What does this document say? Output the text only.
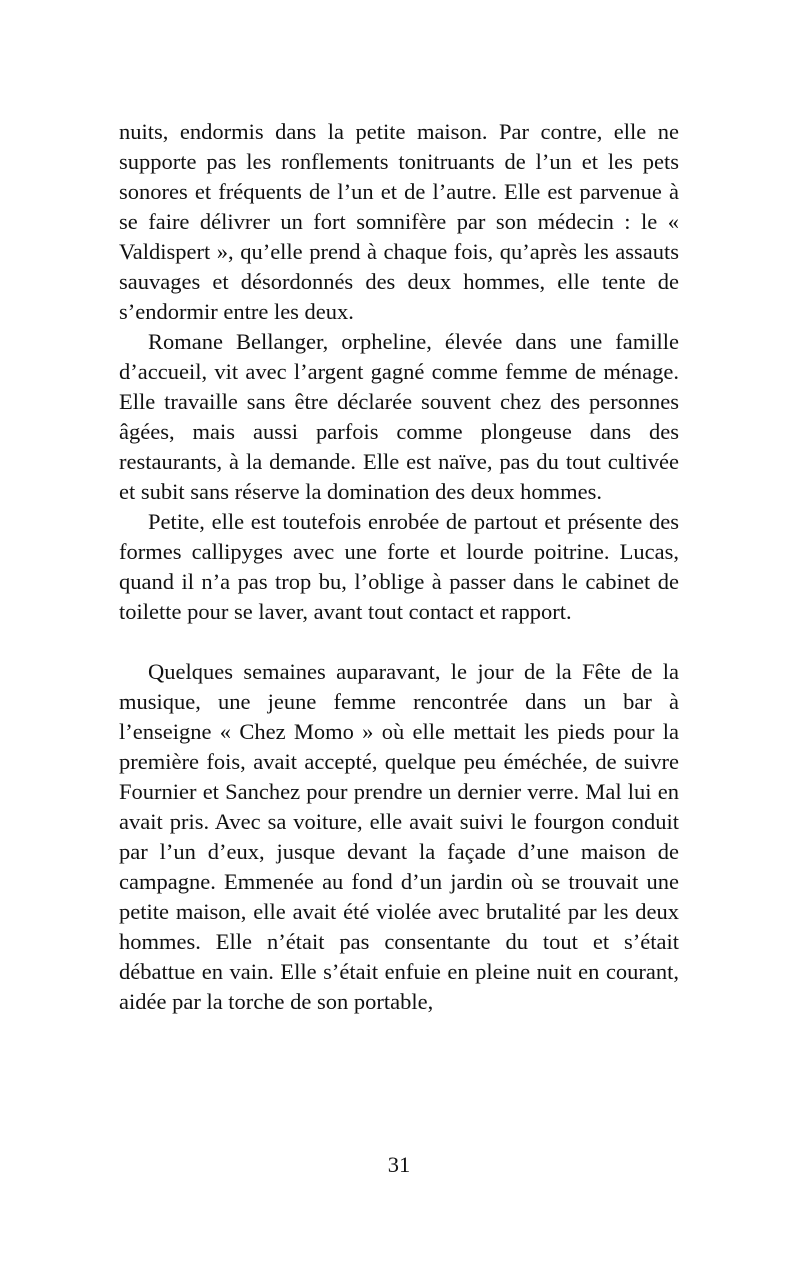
nuits, endormis dans la petite maison. Par contre, elle ne supporte pas les ronflements tonitruants de l’un et les pets sonores et fréquents de l’un et de l’autre. Elle est parvenue à se faire délivrer un fort somnifère par son médecin : le « Valdispert », qu’elle prend à chaque fois, qu’après les assauts sauvages et désordonnés des deux hommes, elle tente de s’endormir entre les deux.

Romane Bellanger, orpheline, élevée dans une famille d’accueil, vit avec l’argent gagné comme femme de ménage. Elle travaille sans être déclarée souvent chez des personnes âgées, mais aussi parfois comme plongeuse dans des restaurants, à la demande. Elle est naïve, pas du tout cultivée et subit sans réserve la domination des deux hommes.

Petite, elle est toutefois enrobée de partout et présente des formes callipyges avec une forte et lourde poitrine. Lucas, quand il n’a pas trop bu, l’oblige à passer dans le cabinet de toilette pour se laver, avant tout contact et rapport.

Quelques semaines auparavant, le jour de la Fête de la musique, une jeune femme rencontrée dans un bar à l’enseigne « Chez Momo » où elle mettait les pieds pour la première fois, avait accepté, quelque peu éméchée, de suivre Fournier et Sanchez pour prendre un dernier verre. Mal lui en avait pris. Avec sa voiture, elle avait suivi le fourgon conduit par l’un d’eux, jusque devant la façade d’une maison de campagne. Emmenée au fond d’un jardin où se trouvait une petite maison, elle avait été violée avec brutalité par les deux hommes. Elle n’était pas consentante du tout et s’était débattue en vain. Elle s’était enfuie en pleine nuit en courant, aidée par la torche de son portable,

31
